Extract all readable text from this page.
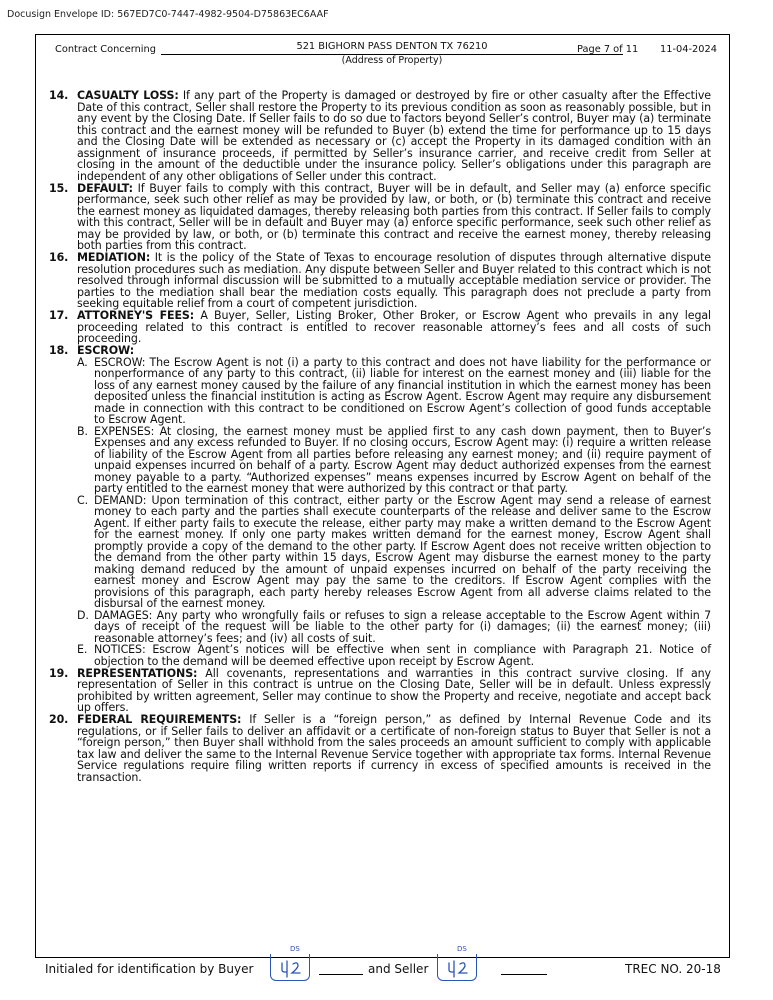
Docusign Envelope ID: 567ED7C0-7447-4982-9504-D75863EC6AAF
Contract Concerning	521 BIGHORN PASS DENTON TX 76210
(Address of Property)
Page 7 of 11 11-04-2024
14. CASUALTY LOSS: If any part of the Property is damaged or destroyed by fire or other casualty after the Effective Date of this contract, Seller shall restore the Property to its previous condition as soon as reasonably possible, but in any event by the Closing Date. If Seller fails to do so due to factors beyond Seller’s control, Buyer may (a) terminate this contract and the earnest money will be refunded to Buyer (b) extend the time for performance up to 15 days and the Closing Date will be extended as necessary or (c) accept the Property in its damaged condition with an assignment of insurance proceeds, if permitted by Seller’s insurance carrier, and receive credit from Seller at closing in the amount of the deductible under the insurance policy. Seller’s obligations under this paragraph are independent of any other obligations of Seller under this contract.
15. DEFAULT: If Buyer fails to comply with this contract, Buyer will be in default, and Seller may (a) enforce specific performance, seek such other relief as may be provided by law, or both, or (b) terminate this contract and receive the earnest money as liquidated damages, thereby releasing both parties from this contract. If Seller fails to comply with this contract, Seller will be in default and Buyer may (a) enforce specific performance, seek such other relief as may be provided by law, or both, or (b) terminate this contract and receive the earnest money, thereby releasing both parties from this contract.
16. MEDIATION: It is the policy of the State of Texas to encourage resolution of disputes through alternative dispute resolution procedures such as mediation. Any dispute between Seller and Buyer related to this contract which is not resolved through informal discussion will be submitted to a mutually acceptable mediation service or provider. The parties to the mediation shall bear the mediation costs equally. This paragraph does not preclude a party from seeking equitable relief from a court of competent jurisdiction.
17. ATTORNEY'S FEES: A Buyer, Seller, Listing Broker, Other Broker, or Escrow Agent who prevails in any legal proceeding related to this contract is entitled to recover reasonable attorney’s fees and all costs of such proceeding.
18. ESCROW:
A. ESCROW: The Escrow Agent is not (i) a party to this contract and does not have liability for the performance or nonperformance of any party to this contract, (ii) liable for interest on the earnest money and (iii) liable for the loss of any earnest money caused by the failure of any financial institution in which the earnest money has been deposited unless the financial institution is acting as Escrow Agent. Escrow Agent may require any disbursement made in connection with this contract to be conditioned on Escrow Agent’s collection of good funds acceptable to Escrow Agent.
B. EXPENSES: At closing, the earnest money must be applied first to any cash down payment, then to Buyer’s Expenses and any excess refunded to Buyer. If no closing occurs, Escrow Agent may: (i) require a written release of liability of the Escrow Agent from all parties before releasing any earnest money; and (ii) require payment of unpaid expenses incurred on behalf of a party. Escrow Agent may deduct authorized expenses from the earnest money payable to a party. “Authorized expenses” means expenses incurred by Escrow Agent on behalf of the party entitled to the earnest money that were authorized by this contract or that party.
C. DEMAND: Upon termination of this contract, either party or the Escrow Agent may send a release of earnest money to each party and the parties shall execute counterparts of the release and deliver same to the Escrow Agent. If either party fails to execute the release, either party may make a written demand to the Escrow Agent for the earnest money. If only one party makes written demand for the earnest money, Escrow Agent shall promptly provide a copy of the demand to the other party. If Escrow Agent does not receive written objection to the demand from the other party within 15 days, Escrow Agent may disburse the earnest money to the party making demand reduced by the amount of unpaid expenses incurred on behalf of the party receiving the earnest money and Escrow Agent may pay the same to the creditors. If Escrow Agent complies with the provisions of this paragraph, each party hereby releases Escrow Agent from all adverse claims related to the disbursal of the earnest money.
D. DAMAGES: Any party who wrongfully fails or refuses to sign a release acceptable to the Escrow Agent within 7 days of receipt of the request will be liable to the other party for (i) damages; (ii) the earnest money; (iii) reasonable attorney’s fees; and (iv) all costs of suit.
E. NOTICES: Escrow Agent’s notices will be effective when sent in compliance with Paragraph 21. Notice of objection to the demand will be deemed effective upon receipt by Escrow Agent.
19. REPRESENTATIONS: All covenants, representations and warranties in this contract survive closing. If any representation of Seller in this contract is untrue on the Closing Date, Seller will be in default. Unless expressly prohibited by written agreement, Seller may continue to show the Property and receive, negotiate and accept back up offers.
20. FEDERAL REQUIREMENTS: If Seller is a “foreign person,” as defined by Internal Revenue Code and its regulations, or if Seller fails to deliver an affidavit or a certificate of non-foreign status to Buyer that Seller is not a “foreign person,” then Buyer shall withhold from the sales proceeds an amount sufficient to comply with applicable tax law and deliver the same to the Internal Revenue Service together with appropriate tax forms. Internal Revenue Service regulations require filing written reports if currency in excess of specified amounts is received in the transaction.
Initialed for identification by Buyer
DS
and Seller
DS
TREC NO. 20-18
